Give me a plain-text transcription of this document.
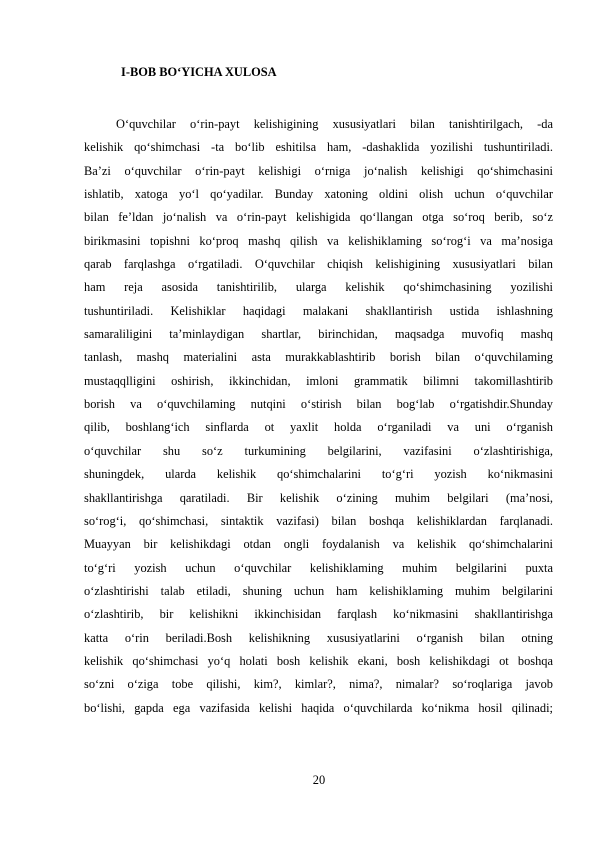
I-BOB BO‘YICHA XULOSA
O‘quvchilar o‘rin-payt kelishigining xususiyatlari bilan tanishtirilgach, -da
kelishik qo‘shimchasi -ta bo‘lib eshitilsa ham, -dashaklida yozilishi tushuntiriladi.
Ba’zi o‘quvchilar o‘rin-payt kelishigi o‘rniga jo‘nalish kelishigi qo‘shimchasini
ishlatib, xatoga yo‘l qo‘yadilar. Bunday xatoning oldini olish uchun o‘quvchilar
bilan fe’ldan jo‘nalish va o‘rin-payt kelishigida qo‘llangan otga so‘roq berib, so‘z
birikmasini topishni ko‘proq mashq qilish va kelishiklaming so‘rog‘i va ma’nosiga
qarab farqlashga o‘rgatiladi. O‘quvchilar chiqish kelishigining xususiyatlari bilan
ham reja asosida tanishtirilib, ularga kelishik qo‘shimchasining yozilishi
tushuntiriladi. Kelishiklar haqidagi malakani shakllantirish ustida ishlashning
samaraliligini ta’minlaydigan shartlar, birinchidan, maqsadga muvofiq mashq
tanlash, mashq materialini asta murakkablashtirib borish bilan o‘quvchilaming
mustaqqlligini oshirish, ikkinchidan, imloni grammatik bilimni takomillashtirib
borish va o‘quvchilaming nutqini o‘stirish bilan bog‘lab o‘rgatishdir.Shunday
qilib, boshlang‘ich sinflarda ot yaxlit holda o‘rganiladi va uni o‘rganish
o‘quvchilar shu so‘z turkumining belgilarini, vazifasini o‘zlashtirishiga,
shuningdek, ularda kelishik qo‘shimchalarini to‘g‘ri yozish ko‘nikmasini
shakllantirishga qaratiladi. Bir kelishik o‘zining muhim belgilari (ma’nosi,
so‘rog‘i, qo‘shimchasi, sintaktik vazifasi) bilan boshqa kelishiklardan farqlanadi.
Muayyan bir kelishikdagi otdan ongli foydalanish va kelishik qo‘shimchalarini
to‘g‘ri yozish uchun o‘quvchilar kelishiklaming muhim belgilarini puxta
o‘zlashtirishi talab etiladi, shuning uchun ham kelishiklaming muhim belgilarini
o‘zlashtirib, bir kelishikni ikkinchisidan farqlash ko‘nikmasini shakllantirishga
katta o‘rin beriladi.Bosh kelishikning xususiyatlarini o‘rganish bilan otning
kelishik qo‘shimchasi yo‘q holati bosh kelishik ekani, bosh kelishikdagi ot boshqa
so‘zni o‘ziga tobe qilishi, kim?, kimlar?, nima?, nimalar? so‘roqlariga javob
bo‘lishi, gapda ega vazifasida kelishi haqida o‘quvchilarda ko‘nikma hosil qilinadi;
20
